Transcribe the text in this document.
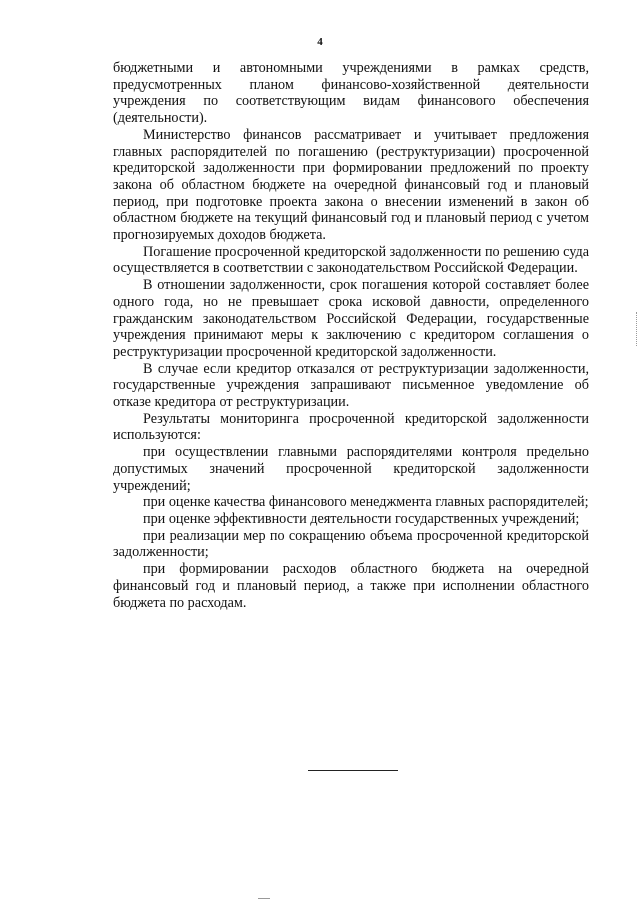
4

бюджетными и автономными учреждениями в рамках средств, предусмотренных планом финансово-хозяйственной деятельности учреждения по соответствующим видам финансового обеспечения (деятельности).

Министерство финансов рассматривает и учитывает предложения главных распорядителей по погашению (реструктуризации) просроченной кредиторской задолженности при формировании предложений по проекту закона об областном бюджете на очередной финансовый год и плановый период, при подготовке проекта закона о внесении изменений в закон об областном бюджете на текущий финансовый год и плановый период с учетом прогнозируемых доходов бюджета.

Погашение просроченной кредиторской задолженности по решению суда осуществляется в соответствии с законодательством Российской Федерации.

В отношении задолженности, срок погашения которой составляет более одного года, но не превышает срока исковой давности, определенного гражданским законодательством Российской Федерации, государственные учреждения принимают меры к заключению с кредитором соглашения о реструктуризации просроченной кредиторской задолженности.

В случае если кредитор отказался от реструктуризации задолженности, государственные учреждения запрашивают письменное уведомление об отказе кредитора от реструктуризации.

Результаты мониторинга просроченной кредиторской задолженности используются:

при осуществлении главными распорядителями контроля предельно допустимых значений просроченной кредиторской задолженности учреждений;

при оценке качества финансового менеджмента главных распорядителей;

при оценке эффективности деятельности государственных учреждений;

при реализации мер по сокращению объема просроченной кредиторской задолженности;

при формировании расходов областного бюджета на очередной финансовый год и плановый период, а также при исполнении областного бюджета по расходам.
